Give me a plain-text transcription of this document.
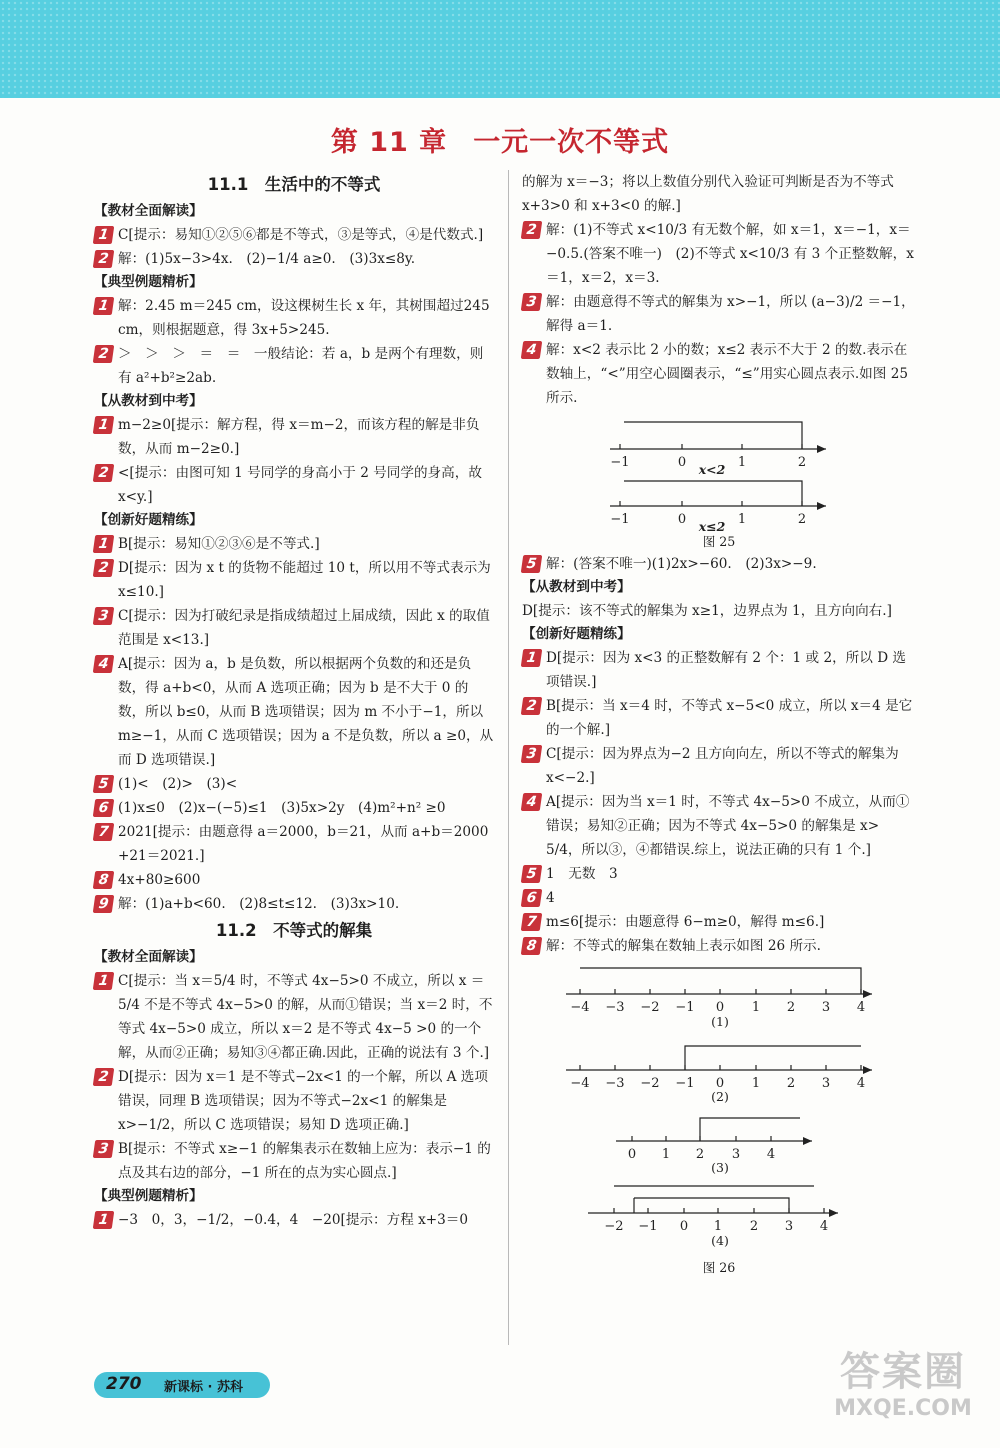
第 11 章 一元一次不等式

11.1　生活中的不等式

【教材全面解读】

1 C[提示：易知①②⑤⑥都是不等式，③是等式，④是代数式.]

2 解：(1)5x−3>4x.　(2)−1/4 a≥0.　(3)3x≤8y.

【典型例题精析】

1 解：2.45 m＝245 cm，设这棵树生长 x 年，其树围超过245 cm，则根据题意，得 3x+5>245.

2 ＞　＞　＞　＝　＝　一般结论：若 a，b 是两个有理数，则有 a²+b²≥2ab.

【从教材到中考】

1 m−2≥0[提示：解方程，得 x＝m−2，而该方程的解是非负数，从而 m−2≥0.]

2 <[提示：由图可知 1 号同学的身高小于 2 号同学的身高，故 x<y.]

【创新好题精练】

1 B[提示：易知①②③⑥是不等式.]

2 D[提示：因为 x t 的货物不能超过 10 t，所以用不等式表示为 x≤10.]

3 C[提示：因为打破纪录是指成绩超过上届成绩，因此 x 的取值范围是 x<13.]

4 A[提示：因为 a，b 是负数，所以根据两个负数的和还是负数，得 a+b<0，从而 A 选项正确；因为 b 是不大于 0 的数，所以 b≤0，从而 B 选项错误；因为 m 不小于−1，所以 m≥−1，从而 C 选项错误；因为 a 不是负数，所以 a ≥0，从而 D 选项错误.]

5 (1)<　(2)>　(3)<

6 (1)x≤0　(2)x−(−5)≤1　(3)5x>2y　(4)m²+n² ≥0

7 2021[提示：由题意得 a＝2000，b＝21，从而 a+b＝2000 +21＝2021.]

8 4x+80≥600

9 解：(1)a+b<60.　(2)8≤t≤12.　(3)3x>10.

11.2　不等式的解集

【教材全面解读】

1 C[提示：当 x＝5/4 时，不等式 4x−5>0 不成立，所以 x ＝5/4 不是不等式 4x−5>0 的解，从而①错误；当 x＝2 时，不等式 4x−5>0 成立，所以 x＝2 是不等式 4x−5 >0 的一个解，从而②正确；易知③④都正确.因此，正确的说法有 3 个.]

2 D[提示：因为 x＝1 是不等式−2x<1 的一个解，所以 A 选项错误，同理 B 选项错误；因为不等式−2x<1 的解集是 x>−1/2，所以 C 选项错误；易知 D 选项正确.]

3 B[提示：不等式 x≥−1 的解集表示在数轴上应为：表示−1 的点及其右边的部分，−1 所在的点为实心圆点.]

【典型例题精析】

1 −3　0，3，−1/2，−0.4，4　−20[提示：方程 x+3＝0

的解为 x＝−3；将以上数值分别代入验证可判断是否为不等式 x+3>0 和 x+3<0 的解.]

2 解：(1)不等式 x<10/3 有无数个解，如 x＝1，x＝−1，x＝ −0.5.(答案不唯一)　(2)不等式 x<10/3 有 3 个正整数解，x＝1，x＝2，x＝3.

3 解：由题意得不等式的解集为 x>−1，所以 (a−3)/2 ＝−1，解得 a＝1.

4 解：x<2 表示比 2 小的数；x≤2 表示不大于 2 的数.表示在数轴上，“<”用空心圆圈表示，“≤”用实心圆点表示.如图 25 所示.

−1	0	1	2
x<2
−1	0	1	2
x≤2
图 25

5 解：(答案不唯一)(1)2x>−60.　(2)3x>−9.

【从教材到中考】

D[提示：该不等式的解集为 x≥1，边界点为 1，且方向向右.]

【创新好题精练】

1 D[提示：因为 x<3 的正整数解有 2 个：1 或 2，所以 D 选项错误.]

2 B[提示：当 x＝4 时，不等式 x−5<0 成立，所以 x＝4 是它的一个解.]

3 C[提示：因为界点为−2 且方向向左，所以不等式的解集为 x<−2.]

4 A[提示：因为当 x＝1 时，不等式 4x−5>0 不成立，从而①错误；易知②正确；因为不等式 4x−5>0 的解集是 x> 5/4，所以③，④都错误.综上，说法正确的只有 1 个.]

5 1　无数　3

6 4

7 m≤6[提示：由题意得 6−m≥0，解得 m≤6.]

8 解：不等式的解集在数轴上表示如图 26 所示.

−4 −3 −2 −1 0 1 2 3 4
(1)
−4 −3 −2 −1 0 1 2 3 4
(2)
0 1 2 3 4
(3)
−2 −1 0 1 2 3 4
(4)
图 26
270 新课标 · 苏科	答案圈
MXQE.COM
